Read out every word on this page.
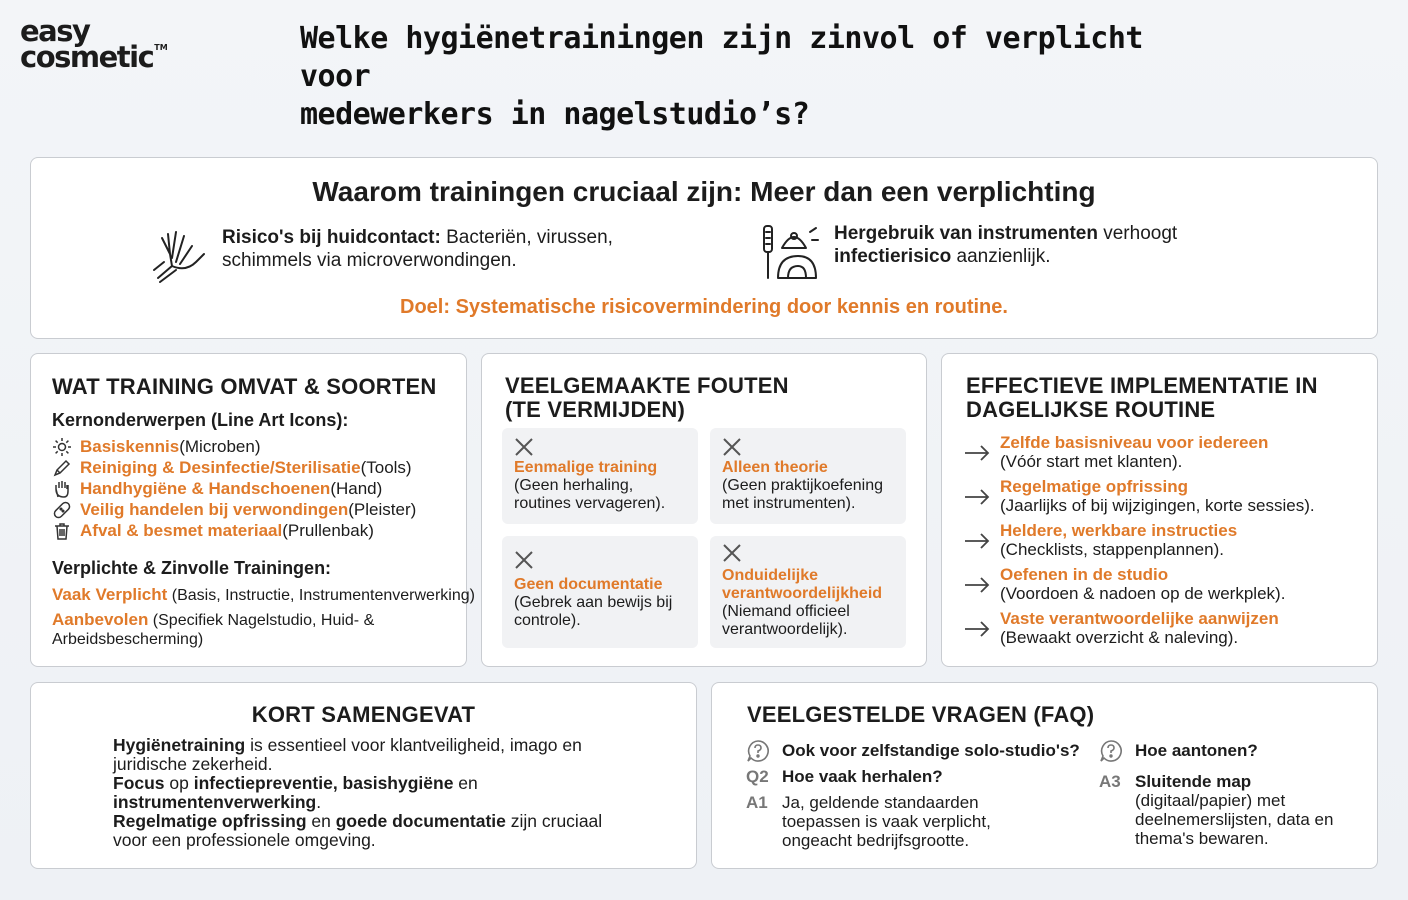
easy
cosmetic™	Welke hygiënetrainingen zijn zinvol of verplicht voor
medewerkers in nagelstudio’s?
Waarom trainingen cruciaal zijn: Meer dan een verplichting
Doel: Systematische risicovermindering door kennis en routine.
Risico's bij huidcontact: Bacteriën, virussen,
schimmels via microverwondingen.
Hergebruik van instrumenten verhoogt
infectierisico aanzienlijk.
WAT TRAINING OMVAT & SOORTEN
Kernonderwerpen (Line Art Icons):
Basiskennis (Microben)
Reiniging & Desinfectie/Sterilisatie (Tools)
Handhygiëne & Handschoenen (Hand)
Veilig handelen bij verwondingen (Pleister)
Afval & besmet materiaal (Prullenbak)
Verplichte & Zinvolle Trainingen:
Vaak Verplicht (Basis, Instructie, Instrumentenverwerking)
Aanbevolen (Specifiek Nagelstudio, Huid- &
Arbeidsbescherming)
VEELGEMAAKTE FOUTEN
(TE VERMIJDEN)
Eenmalige training
(Geen herhaling,
routines vervageren).
Alleen theorie
(Geen praktijkoefening
met instrumenten).
Geen documentatie
(Gebrek aan bewijs bij
controle).
Onduidelijke
verantwoordelijkheid
(Niemand officieel
verantwoordelijk).
EFFECTIEVE IMPLEMENTATIE IN
DAGELIJKSE ROUTINE
Zelfde basisniveau voor iedereen
(Vóór start met klanten).
Regelmatige opfrissing
(Jaarlijks of bij wijzigingen, korte sessies).
Heldere, werkbare instructies
(Checklists, stappenplannen).
Oefenen in de studio
(Voordoen & nadoen op de werkplek).
Vaste verantwoordelijke aanwijzen
(Bewaakt overzicht & naleving).
KORT SAMENGEVAT
Hygiënetraining is essentieel voor klantveiligheid, imago en juridische zekerheid.
Focus op infectiepreventie, basishygiëne en instrumentenverwerking.
Regelmatige opfrissing en goede documentatie zijn cruciaal voor een professionele omgeving.
VEELGESTELDE VRAGEN (FAQ)
Ook voor zelfstandige solo-studio's?
Q2 Hoe vaak herhalen?
A1 Ja, geldende standaarden toepassen is vaak verplicht, ongeacht bedrijfsgrootte.
Hoe aantonen?
A3 Sluitende map
(digitaal/papier) met deelnemerslijsten, data en thema's bewaren.
